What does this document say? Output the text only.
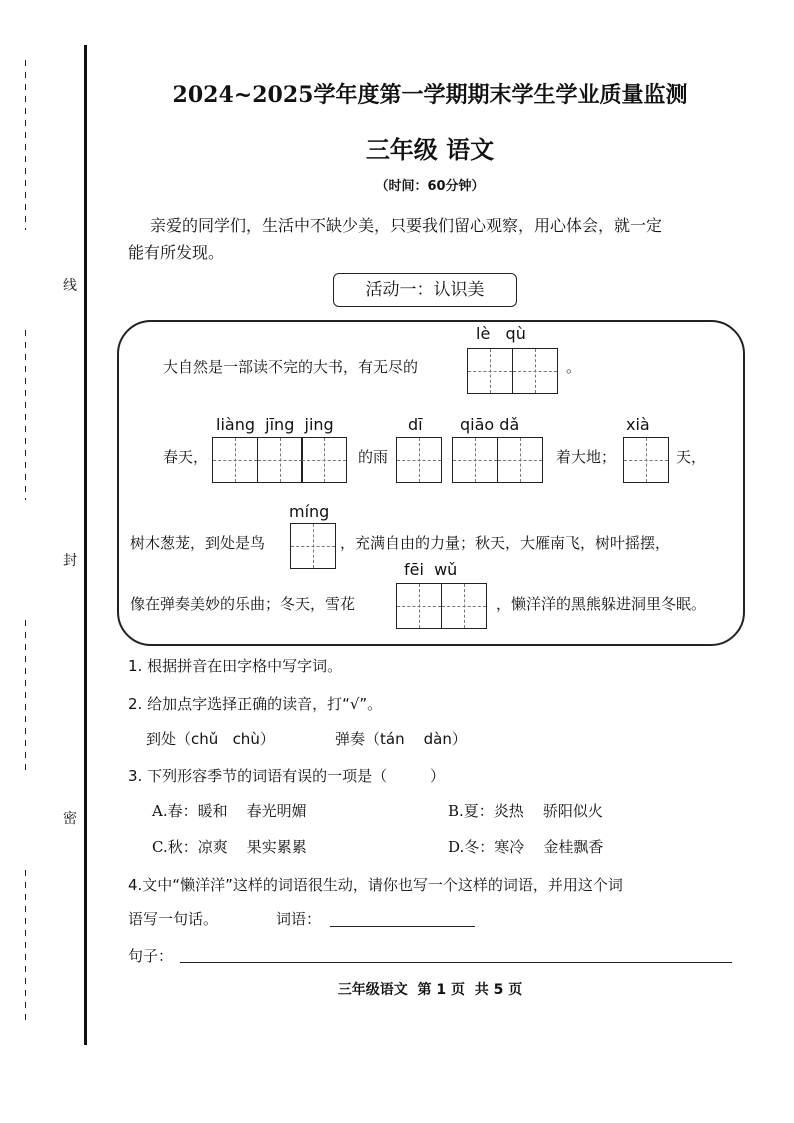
线
封
密
2024~2025学年度第一学期期末学生学业质量监测
三年级 语文
（时间：60分钟）
亲爱的同学们，生活中不缺少美，只要我们留心观察，用心体会，就一定
能有所发现。
活动一：认识美
大自然是一部读不完的大书，有无尽的
lè   qù
。
liàng  jīng  jing	dī qiāo dǎ	xià
春天，	的雨	着大地；	天，
míng
树木葱茏，到处是鸟	，充满自由的力量；秋天，大雁南飞，树叶摇摆，
fēi  wǔ
像在弹奏美妙的乐曲；冬天，雪花	，懒洋洋的黑熊躲进洞里冬眠。
1. 根据拼音在田字格中写字词。
2. 给加点字选择正确的读音，打“√”。
到处（chǔ   chù）	弹奏（tán    dàn）
3. 下列形容季节的词语有误的一项是（         ）
A.春：暖和    春光明媚	B.夏：炎热    骄阳似火
C.秋：凉爽    果实累累	D.冬：寒冷    金桂飘香
4.文中“懒洋洋”这样的词语很生动，请你也写一个这样的词语，并用这个词
语写一句话。	词语：
句子：
三年级语文  第 1 页  共 5 页
